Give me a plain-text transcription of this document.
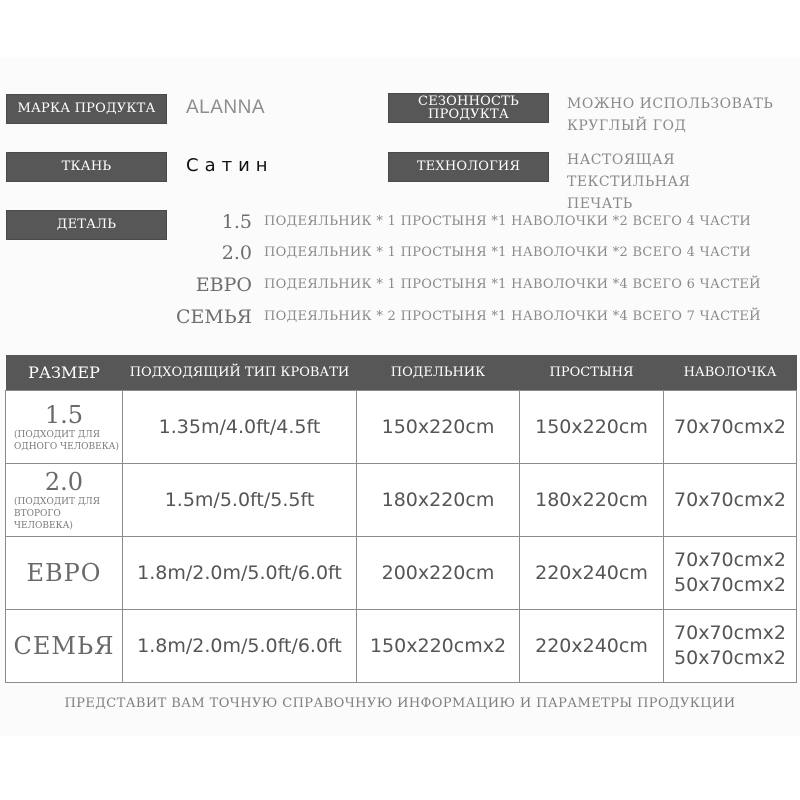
МАРКА ПРОДУКТА	ALANNA	СЕЗОННОСТЬ
ПРОДУКТА
МОЖНО ИСПОЛЬЗОВАТЬ
КРУГЛЫЙ ГОД
ТКАНЬ	Сатин	ТЕХНОЛОГИЯ	НАСТОЯЩАЯ ТЕКСТИЛЬНАЯ
ПЕЧАТЬ
ДЕТАЛЬ	1.5 ПОДЕЯЛЬНИК * 1 ПРОСТЫНЯ *1 НАВОЛОЧКИ *2 ВСЕГО 4 ЧАСТИ
2.0 ПОДЕЯЛЬНИК * 1 ПРОСТЫНЯ *1 НАВОЛОЧКИ *2 ВСЕГО 4 ЧАСТИ
ЕВРО ПОДЕЯЛЬНИК * 1 ПРОСТЫНЯ *1 НАВОЛОЧКИ *4 ВСЕГО 6 ЧАСТЕЙ
СЕМЬЯ ПОДЕЯЛЬНИК * 2 ПРОСТЫНЯ *1 НАВОЛОЧКИ *4 ВСЕГО 7 ЧАСТЕЙ
РАЗМЕР	ПОДХОДЯЩИЙ ТИП КРОВАТИ	ПОДЕЛЬНИК	ПРОСТЫНЯ	НАВОЛОЧКА

1.5
(ПОДХОДИТ ДЛЯ
ОДНОГО ЧЕЛОВЕКА)	1.35m/4.0ft/4.5ft	150x220cm	150x220cm	70x70cmx2

2.0
(ПОДХОДИТ ДЛЯ
ВТОРОГО ЧЕЛОВЕКА)	1.5m/5.0ft/5.5ft	180x220cm	180x220cm	70x70cmx2

ЕВРО	1.8m/2.0m/5.0ft/6.0ft	200x220cm	220x240cm	70x70cmx2
50x70cmx2

СЕМЬЯ	1.8m/2.0m/5.0ft/6.0ft	150x220cmx2	220x240cm	70x70cmx2
50x70cmx2
ПРЕДСТАВИТ ВАМ ТОЧНУЮ СПРАВОЧНУЮ ИНФОРМАЦИЮ И ПАРАМЕТРЫ ПРОДУКЦИИ
